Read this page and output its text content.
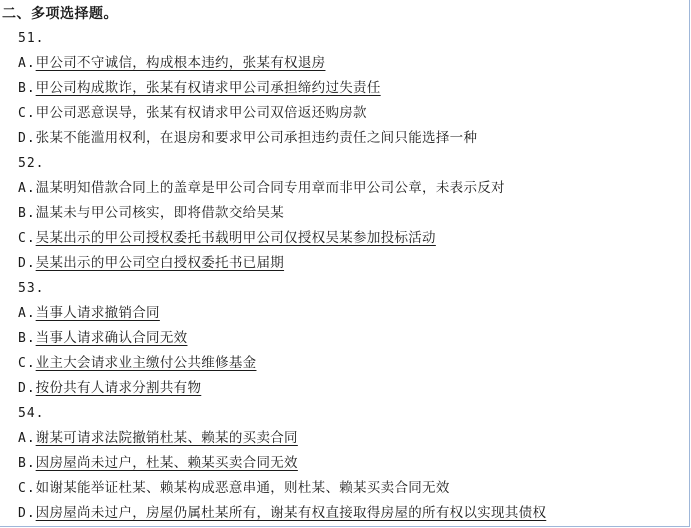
二、多项选择题。
51.
A.甲公司不守诚信，构成根本违约，张某有权退房
B.甲公司构成欺诈，张某有权请求甲公司承担缔约过失责任
C.甲公司恶意误导，张某有权请求甲公司双倍返还购房款
D.张某不能滥用权利，在退房和要求甲公司承担违约责任之间只能选择一种
52.
A.温某明知借款合同上的盖章是甲公司合同专用章而非甲公司公章，未表示反对
B.温某未与甲公司核实，即将借款交给吴某
C.吴某出示的甲公司授权委托书载明甲公司仅授权吴某参加投标活动
D.吴某出示的甲公司空白授权委托书已届期
53.
A.当事人请求撤销合同
B.当事人请求确认合同无效
C.业主大会请求业主缴付公共维修基金
D.按份共有人请求分割共有物
54.
A.谢某可请求法院撤销杜某、赖某的买卖合同
B.因房屋尚未过户，杜某、赖某买卖合同无效
C.如谢某能举证杜某、赖某构成恶意串通，则杜某、赖某买卖合同无效
D.因房屋尚未过户，房屋仍属杜某所有，谢某有权直接取得房屋的所有权以实现其债权
